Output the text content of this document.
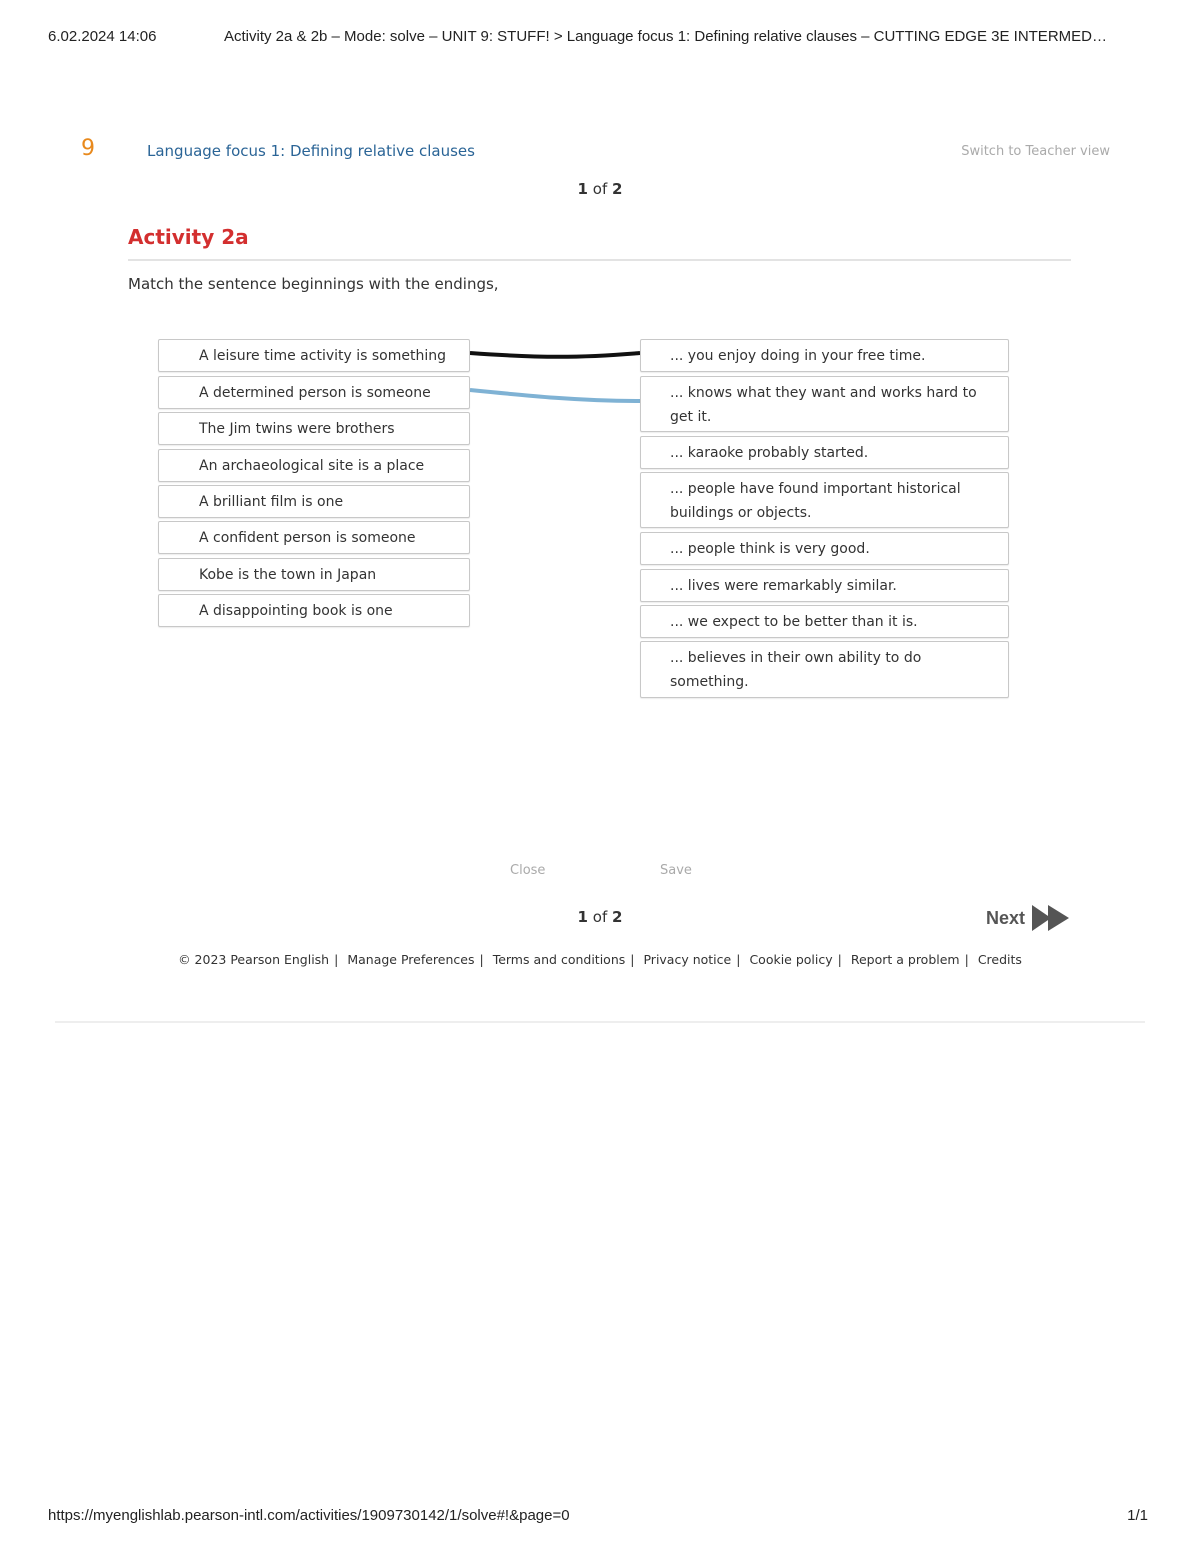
6.02.2024 14:06	Activity 2a & 2b – Mode: solve – UNIT 9: STUFF! > Language focus 1: Defining relative clauses – CUTTING EDGE 3E INTERMED…
9	Language focus 1: Defining relative clauses	Switch to Teacher view
1 of 2
Activity 2a
Match the sentence beginnings with the endings,
A leisure time activity is something
A determined person is someone
The Jim twins were brothers
An archaeological site is a place
A brilliant film is one
A confident person is someone
Kobe is the town in Japan
A disappointing book is one
... you enjoy doing in your free time.
... knows what they want and works hard to get it.
... karaoke probably started.
... people have found important historical buildings or objects.
... people think is very good.
... lives were remarkably similar.
... we expect to be better than it is.
... believes in their own ability to do something.
Close	Save
1 of 2	Next
© 2023 Pearson English | Manage Preferences | Terms and conditions | Privacy notice | Cookie policy | Report a problem | Credits
https://myenglishlab.pearson-intl.com/activities/1909730142/1/solve#!&page=0	1/1
